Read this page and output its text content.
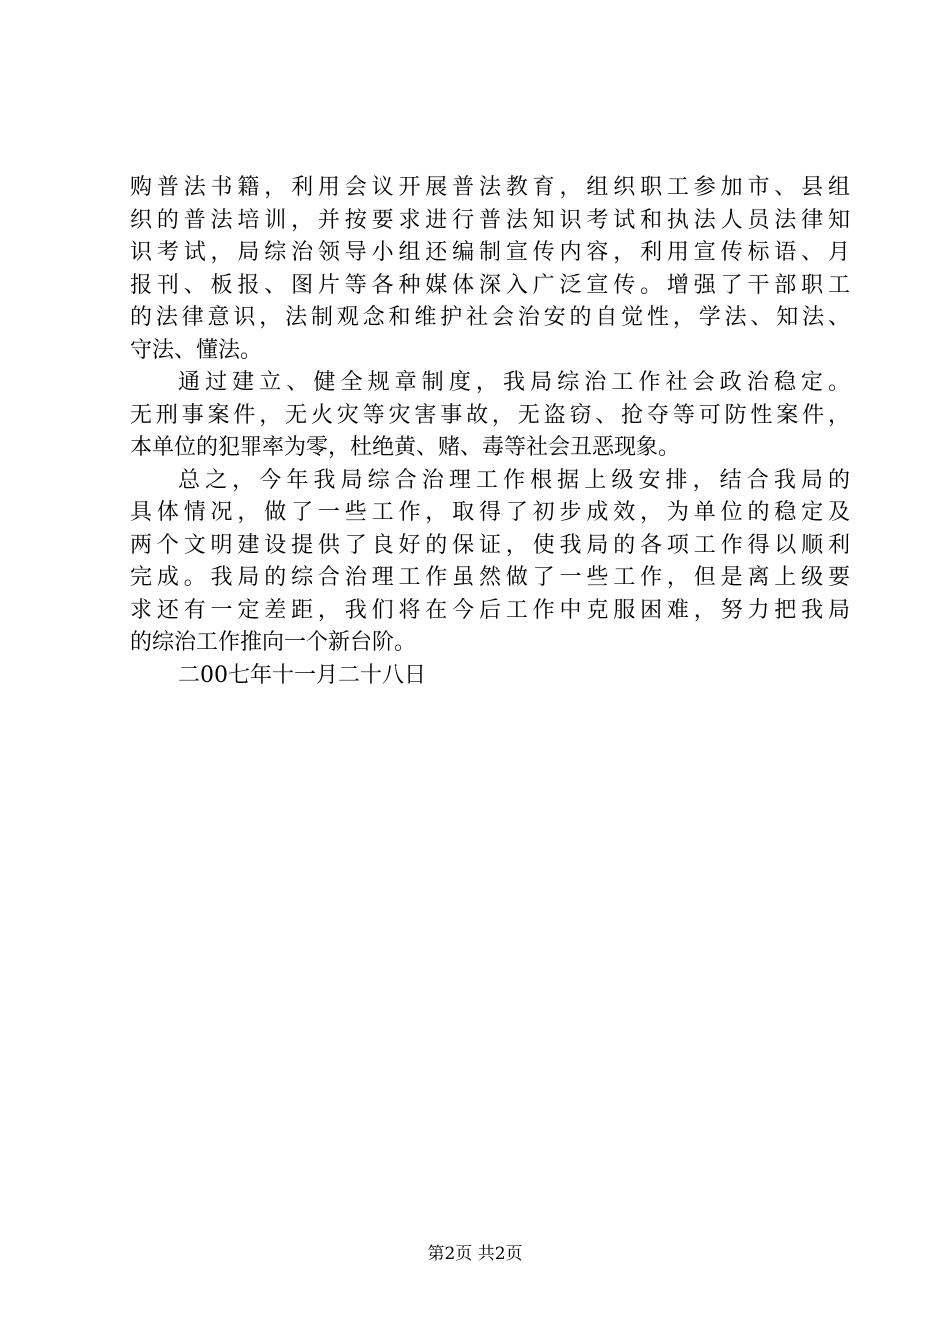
购普法书籍，利用会议开展普法教育，组织职工参加市、县组
织的普法培训，并按要求进行普法知识考试和执法人员法律知
识考试，局综治领导小组还编制宣传内容，利用宣传标语、月
报刊、板报、图片等各种媒体深入广泛宣传。增强了干部职工
的法律意识，法制观念和维护社会治安的自觉性，学法、知法、
守法、懂法。
通过建立、健全规章制度，我局综治工作社会政治稳定。
无刑事案件，无火灾等灾害事故，无盗窃、抢夺等可防性案件，
本单位的犯罪率为零，杜绝黄、赌、毒等社会丑恶现象。
总之，今年我局综合治理工作根据上级安排，结合我局的
具体情况，做了一些工作，取得了初步成效，为单位的稳定及
两个文明建设提供了良好的保证，使我局的各项工作得以顺利
完成。我局的综合治理工作虽然做了一些工作，但是离上级要
求还有一定差距，我们将在今后工作中克服困难，努力把我局
的综治工作推向一个新台阶。
二00七年十一月二十八日
第2页 共2页
